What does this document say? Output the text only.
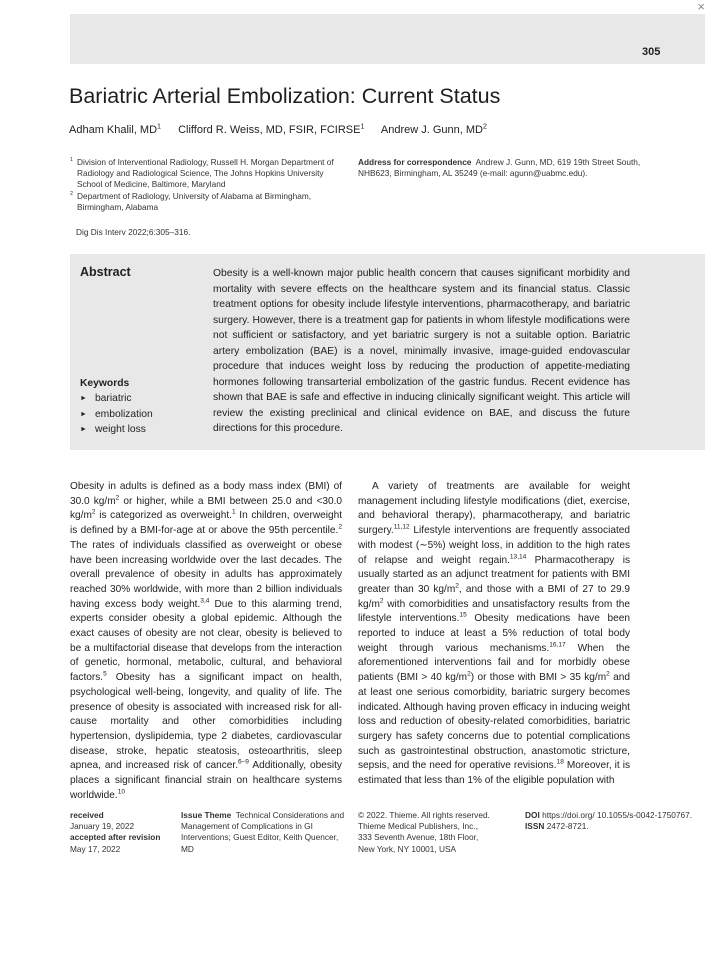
×
305
Bariatric Arterial Embolization: Current Status
Adham Khalil, $MD^1$ Clifford R. Weiss, MD, FSIR, FCIRSE$^1$ Andrew J. Gunn, $MD^2$
1 Division of Interventional Radiology, Russell H. Morgan Department of Radiology and Radiological Science, The Johns Hopkins University School of Medicine, Baltimore, Maryland
2 Department of Radiology, University of Alabama at Birmingham, Birmingham, Alabama
Address for correspondence Andrew J. Gunn, MD, 619 19th Street South, NHB623, Birmingham, AL 35249 (e-mail: agunn@uabmc.edu).
Dig Dis Interv 2022;6:305–316.
Abstract	Obesity is a well-known major public health concern that causes significant morbidity and mortality with severe effects on the healthcare system and its financial status. Classic treatment options for obesity include lifestyle interventions, pharmacotherapy, and bariatric surgery. However, there is a treatment gap for patients in whom lifestyle modifications were not sufficient or satisfactory, and yet bariatric surgery is not a suitable option. Bariatric artery embolization (BAE) is a novel, minimally invasive, image-guided endovascular procedure that induces weight loss by reducing the production of appetite-mediating hormones following transarterial embolization of the gastric fundus. Recent evidence has shown that BAE is safe and effective in inducing clinically significant weight. This article will review the existing preclinical and clinical evidence on BAE, and discuss the future directions for this procedure.
Keywords
► bariatric
► embolization
► weight loss

Obesity in adults is defined as a body mass index (BMI) of 30.0 $kg/m^2$ or higher, while a BMI between 25.0 and <30.0 $kg/m^2$ is categorized as overweight.$^1$ In children, overweight is defined by a BMI-for-age at or above the 95th percentile.$^2$ The rates of individuals classified as overweight or obese have been increasing worldwide over the last decades. The overall prevalence of obesity in adults has approximately reached 30% worldwide, with more than 2 billion individuals having excess body weight.$^{3,4}$ Due to this alarming trend, experts consider obesity a global epidemic. Although the exact causes of obesity are not clear, obesity is believed to be a multifactorial disease that develops from the interaction of genetic, hormonal, metabolic, cultural, and behavioral factors.$^5$ Obesity has a significant impact on health, psychological well-being, longevity, and quality of life. The presence of obesity is associated with increased risk for all-cause mortality and other comorbidities including hypertension, dyslipidemia, type 2 diabetes, cardiovascular disease, stroke, hepatic steatosis, osteoarthritis, sleep apnea, and increased risk of cancer.$^{6-9}$ Additionally, obesity places a significant financial strain on healthcare systems worldwide.$^{10}$

A variety of treatments are available for weight management including lifestyle modifications (diet, exercise, and behavioral therapy), pharmacotherapy, and bariatric surgery.$^{11,12}$ Lifestyle interventions are frequently associated with modest (∼5%) weight loss, in addition to the high rates of relapse and weight regain.$^{13,14}$ Pharmacotherapy is usually started as an adjunct treatment for patients with BMI greater than 30 $kg/m^2$, and those with a BMI of 27 to 29.9 $kg/m^2$ with comorbidities and unsatisfactory results from the lifestyle interventions.$^{15}$ Obesity medications have been reported to induce at least a 5% reduction of total body weight through various mechanisms.$^{16,17}$ When the aforementioned interventions fail and for morbidly obese patients (BMI > 40 $kg/m^2$) or those with BMI > 35 $kg/m^2$ and at least one serious comorbidity, bariatric surgery becomes indicated. Although having proven efficacy in inducing weight loss and reduction of obesity-related comorbidities, bariatric surgery has safety concerns due to potential complications such as gastrointestinal obstruction, anastomotic stricture, sepsis, and the need for operative revisions.$^{18}$ Moreover, it is estimated that less than 1% of the eligible population with

received
January 19, 2022
accepted after revision
May 17, 2022
Issue Theme Technical Considerations and Management of Complications in GI Interventions; Guest Editor, Keith Quencer, MD
© 2022. Thieme. All rights reserved.
Thieme Medical Publishers, Inc.,
333 Seventh Avenue, 18th Floor,
New York, NY 10001, USA
DOI https://doi.org/ 10.1055/s-0042-1750767.
ISSN 2472-8721.
